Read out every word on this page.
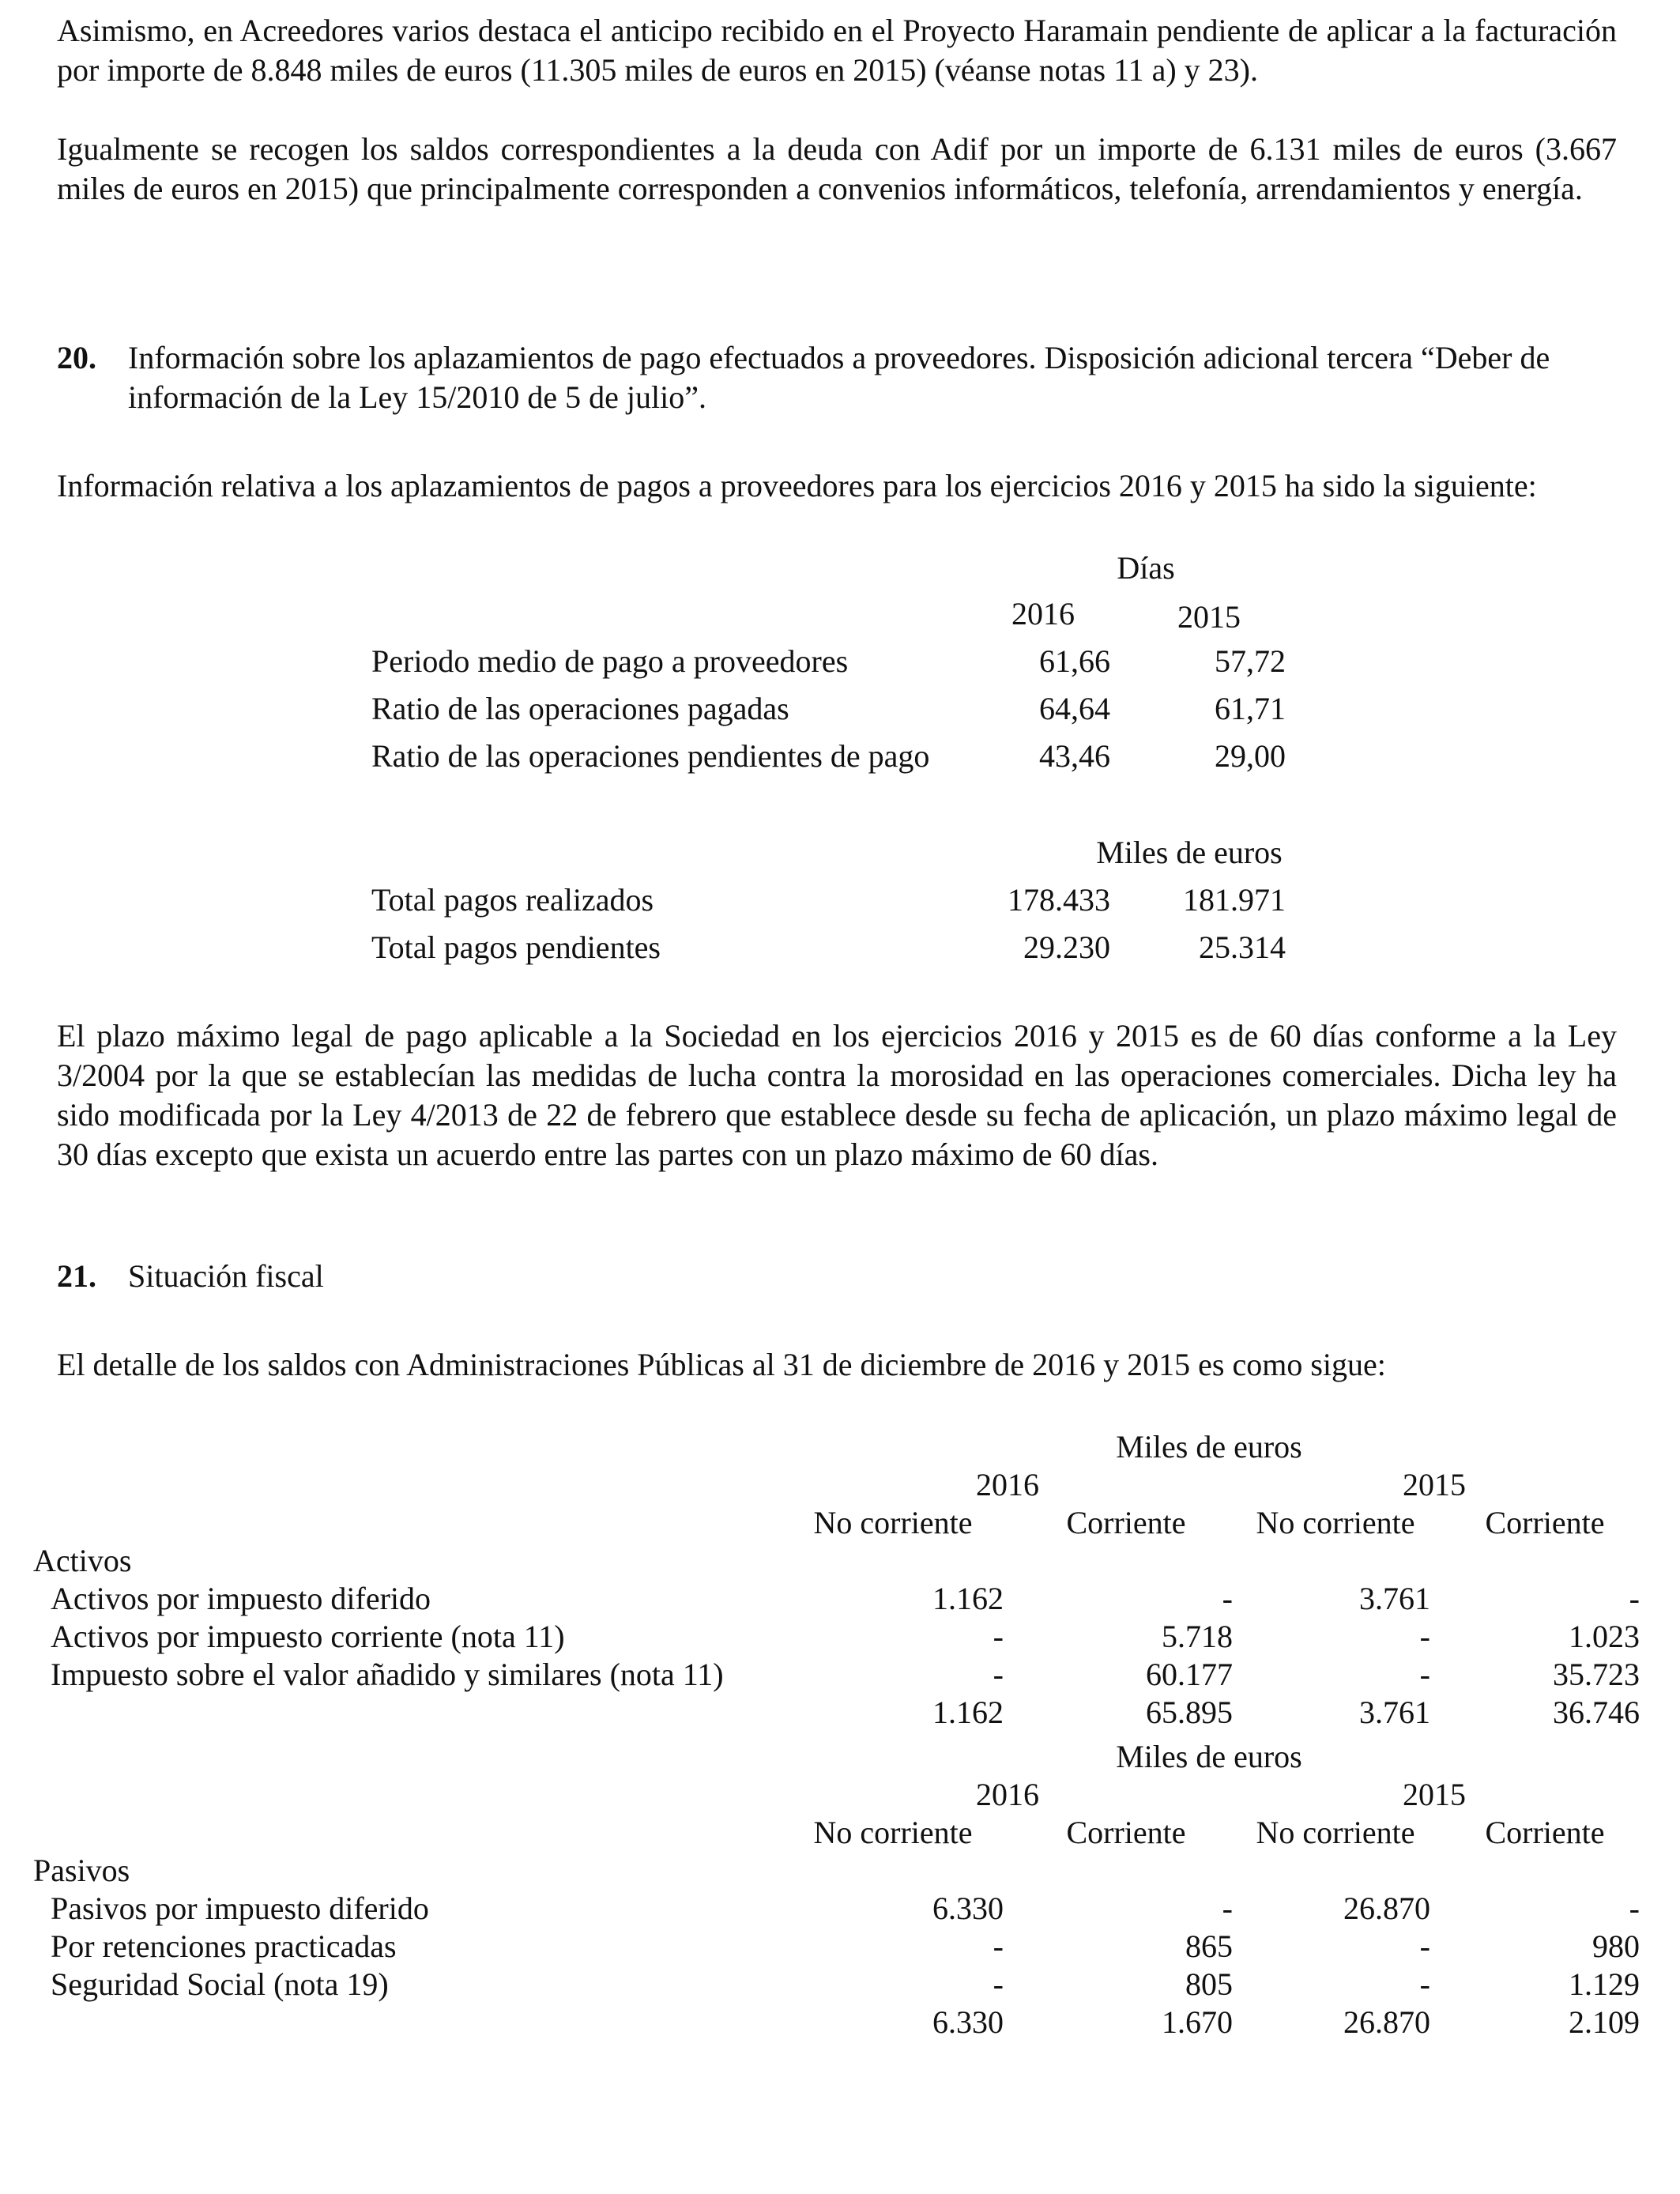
Asimismo, en Acreedores varios destaca el anticipo recibido en el Proyecto Haramain pendiente de aplicar a la facturación por importe de 8.848 miles de euros (11.305 miles de euros en 2015) (véanse notas 11 a) y 23).

Igualmente se recogen los saldos correspondientes a la deuda con Adif por un importe de 6.131 miles de euros (3.667 miles de euros en 2015) que principalmente corresponden a convenios informáticos, telefonía, arrendamientos y energía.

20. Información sobre los aplazamientos de pago efectuados a proveedores. Disposición adicional tercera “Deber de información de la Ley 15/2010 de 5 de julio”.

Información relativa a los aplazamientos de pagos a proveedores para los ejercicios 2016 y 2015 ha sido la siguiente:

Días
2016	2015
Periodo medio de pago a proveedores	61,66	57,72
Ratio de las operaciones pagadas	64,64	61,71
Ratio de las operaciones pendientes de pago	43,46	29,00
Miles de euros
Total pagos realizados	178.433	181.971
Total pagos pendientes	29.230	25.314

El plazo máximo legal de pago aplicable a la Sociedad en los ejercicios 2016 y 2015 es de 60 días conforme a la Ley 3/2004 por la que se establecían las medidas de lucha contra la morosidad en las operaciones comerciales. Dicha ley ha sido modificada por la Ley 4/2013 de 22 de febrero que establece desde su fecha de aplicación, un plazo máximo legal de 30 días excepto que exista un acuerdo entre las partes con un plazo máximo de 60 días.

21. Situación fiscal

El detalle de los saldos con Administraciones Públicas al 31 de diciembre de 2016 y 2015 es como sigue:

Miles de euros
2016	2015
No corriente	Corriente	No corriente	Corriente
Activos
Activos por impuesto diferido	1.162	-	3.761	-
Activos por impuesto corriente (nota 11)	-	5.718	-	1.023
Impuesto sobre el valor añadido y similares (nota 11)	-	60.177	-	35.723
1.162	65.895	3.761	36.746
Miles de euros
2016	2015
No corriente	Corriente	No corriente	Corriente
Pasivos
Pasivos por impuesto diferido	6.330	-	26.870	-
Por retenciones practicadas	-	865	-	980
Seguridad Social (nota 19)	-	805	-	1.129
6.330	1.670	26.870	2.109
